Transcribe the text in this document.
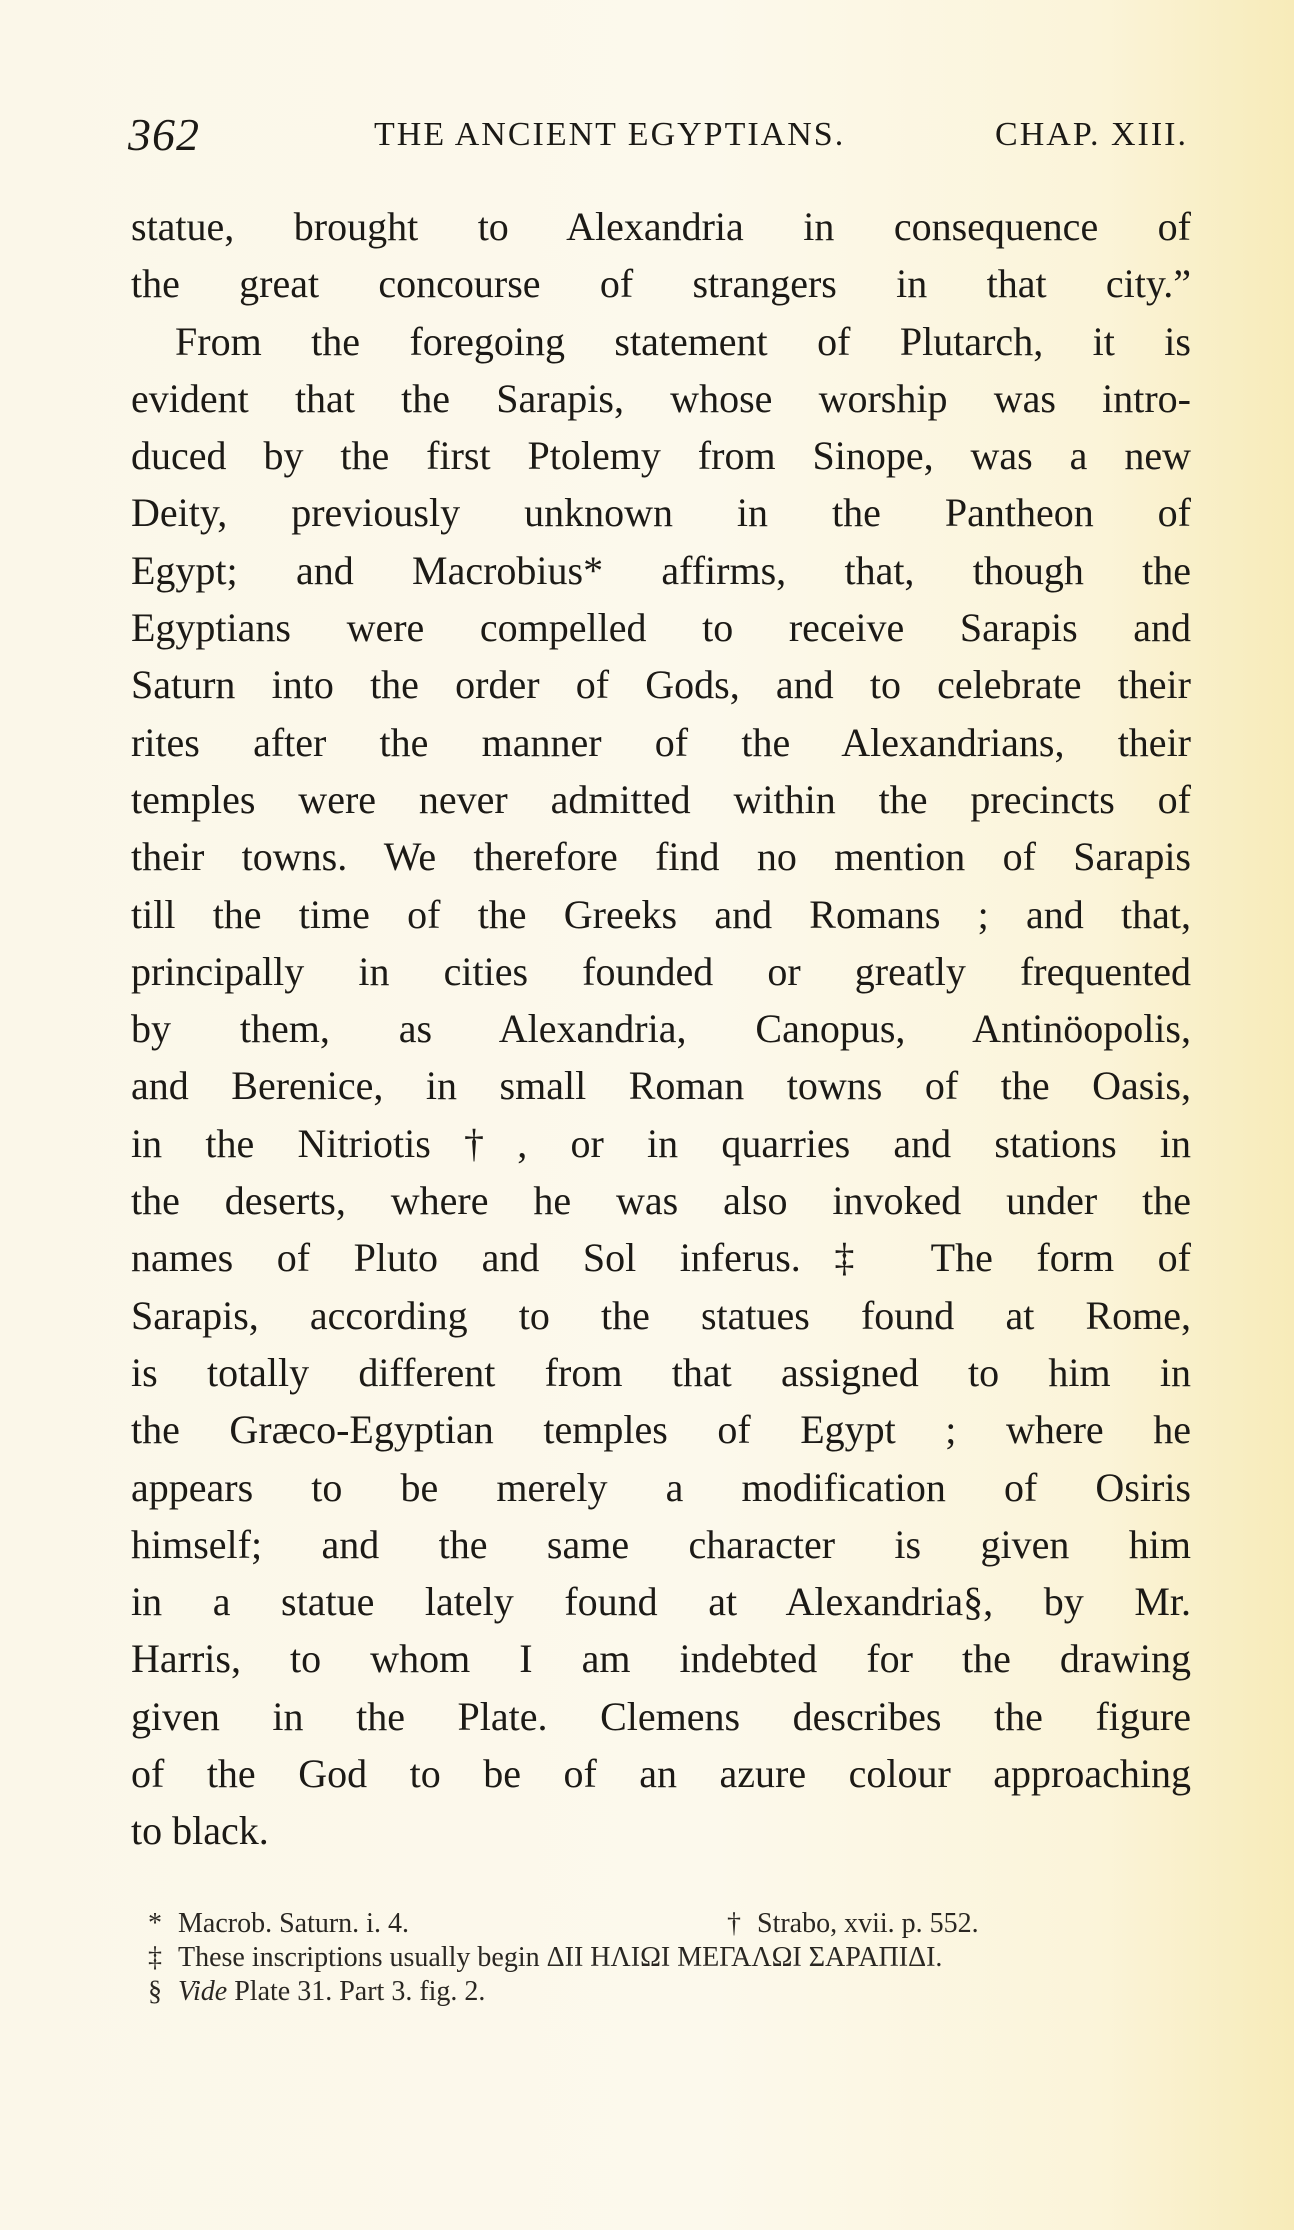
362	THE ANCIENT EGYPTIANS.	CHAP. XIII.
statue, brought to Alexandria in consequence of
the great concourse of strangers in that city.”
From the foregoing statement of Plutarch, it is
evident that the Sarapis, whose worship was intro-
duced by the first Ptolemy from Sinope, was a new
Deity, previously unknown in the Pantheon of
Egypt; and Macrobius* affirms, that, though the
Egyptians were compelled to receive Sarapis and
Saturn into the order of Gods, and to celebrate their
rites after the manner of the Alexandrians, their
temples were never admitted within the precincts of
their towns. We therefore find no mention of Sarapis
till the time of the Greeks and Romans ; and that,
principally in cities founded or greatly frequented
by them, as Alexandria, Canopus, Antinöopolis,
and Berenice, in small Roman towns of the Oasis,
in the Nitriotis†, or in quarries and stations in
the deserts, where he was also invoked under the
names of Pluto and Sol inferus.‡ The form of
Sarapis, according to the statues found at Rome,
is totally different from that assigned to him in
the Græco-Egyptian temples of Egypt ; where he
appears to be merely a modification of Osiris
himself; and the same character is given him
in a statue lately found at Alexandria§, by Mr.
Harris, to whom I am indebted for the drawing
given in the Plate. Clemens describes the figure
of the God to be of an azure colour approaching
to black.
* Macrob. Saturn. i. 4.	† Strabo, xvii. p. 552.
‡ These inscriptions usually begin ΔΙΙ ΗΛΙΩΙ ΜΕΓΑΛΩΙ ΣΑΡΑΠΙΔΙ.
§ Vide Plate 31. Part 3. fig. 2.
